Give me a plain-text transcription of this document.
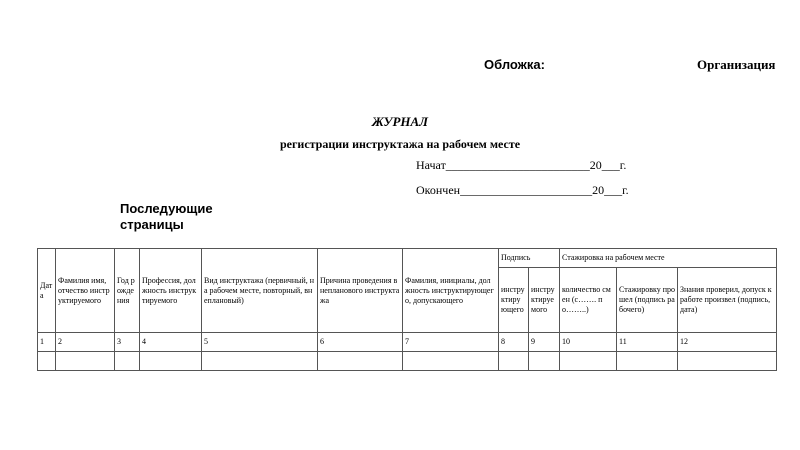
Обложка:	Организация
ЖУРНАЛ
регистрации инструктажа на рабочем месте
Начат________________________20___г.
Окончен______________________20___г.
Последующие страницы
Дата	Фамилия имя, отчество инструктируемого	Год рождения	Профессия, должность инструктируемого	Вид инструктажа (первичный, на рабочем месте, повторный, внеплановый)	Причина проведения внепланового инструктажа	Фамилия, инициалы, должность инструктирующего, допускающего	Подпись		Стажировка на рабочем месте		
							инструктирующего	инструктируемого	количество смен (с……. по……..)	Стажировку прошел (подпись рабочего)	Знания проверил, допуск к работе произвел (подпись, дата)
1	2	3	4	5	6	7	8	9	10	11	12
